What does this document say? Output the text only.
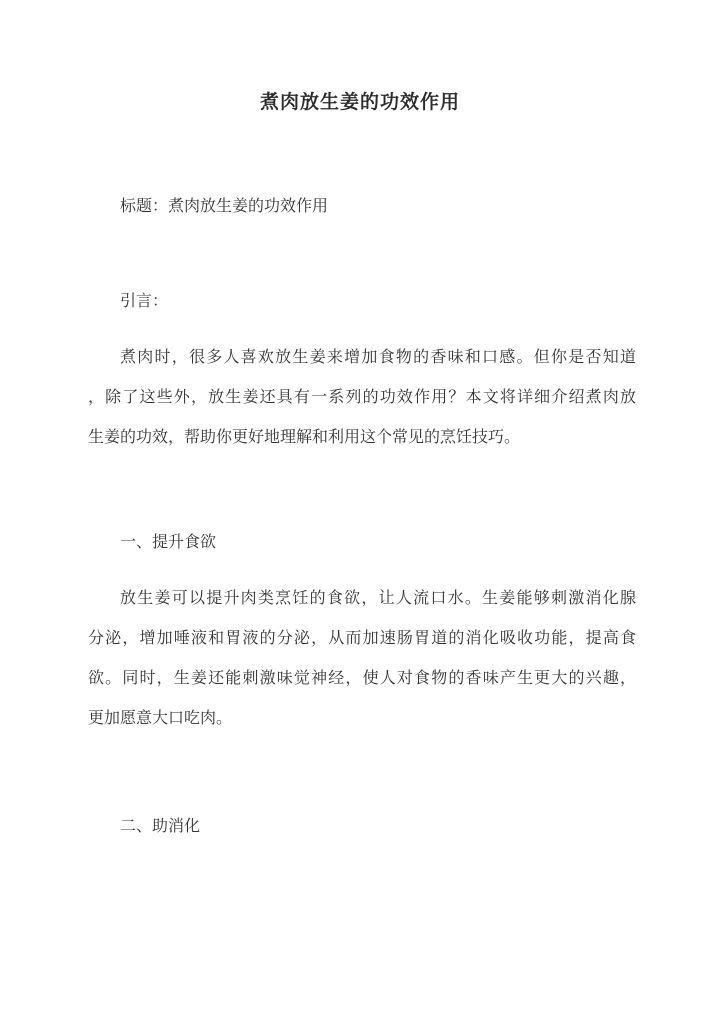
煮肉放生姜的功效作用
标题：煮肉放生姜的功效作用
引言：
煮肉时，很多人喜欢放生姜来增加食物的香味和口感。但你是否知道
，除了这些外，放生姜还具有一系列的功效作用？本文将详细介绍煮肉放
生姜的功效，帮助你更好地理解和利用这个常见的烹饪技巧。
一、提升食欲
放生姜可以提升肉类烹饪的食欲，让人流口水。生姜能够刺激消化腺
分泌，增加唾液和胃液的分泌，从而加速肠胃道的消化吸收功能，提高食
欲。同时，生姜还能刺激味觉神经，使人对食物的香味产生更大的兴趣，
更加愿意大口吃肉。
二、助消化
